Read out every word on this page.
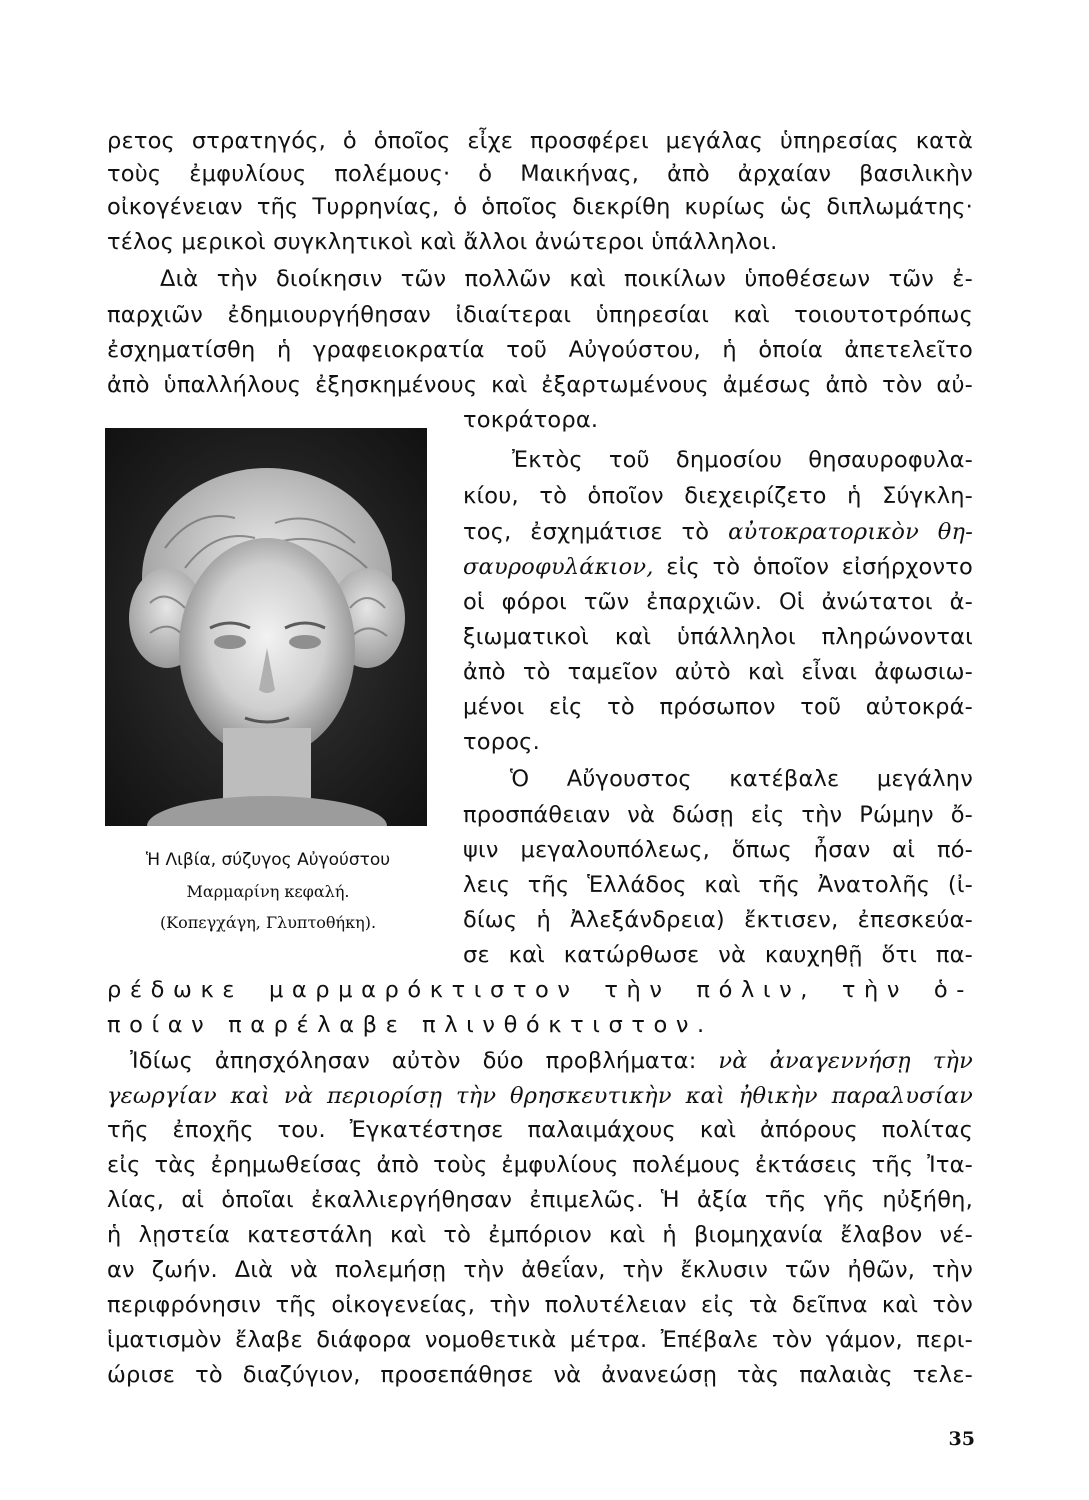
ρετος στρατηγός, ὁ ὁποῖος εἶχε προσφέρει μεγάλας ὑπηρεσίας κατὰ
τοὺς ἐμφυλίους πολέμους· ὁ Μαικήνας, ἀπὸ ἀρχαίαν βασιλικὴν
οἰκογένειαν τῆς Τυρρηνίας, ὁ ὁποῖος διεκρίθη κυρίως ὡς διπλωμάτης·
τέλος μερικοὶ συγκλητικοὶ καὶ ἄλλοι ἀνώτεροι ὑπάλληλοι.
Διὰ τὴν διοίκησιν τῶν πολλῶν καὶ ποικίλων ὑποθέσεων τῶν ἐ-
παρχιῶν ἐδημιουργήθησαν ἰδιαίτεραι ὑπηρεσίαι καὶ τοιουτοτρόπως
ἐσχηματίσθη ἡ γραφειοκρατία τοῦ Αὐγούστου, ἡ ὁποία ἀπετελεῖτο
ἀπὸ ὑπαλλήλους ἐξησκημένους καὶ ἐξαρτωμένους ἀμέσως ἀπὸ τὸν αὐ-
τοκράτορα.
Ἐκτὸς τοῦ δημοσίου θησαυροφυλα-
κίου, τὸ ὁποῖον διεχειρίζετο ἡ Σύγκλη-
τος, ἐσχημάτισε τὸ αὐτοκρατορικὸν θη-
σαυροφυλάκιον, εἰς τὸ ὁποῖον εἰσήρχοντο
οἱ φόροι τῶν ἐπαρχιῶν. Οἱ ἀνώτατοι ἀ-
ξιωματικοὶ καὶ ὑπάλληλοι πληρώνονται
ἀπὸ τὸ ταμεῖον αὐτὸ καὶ εἶναι ἀφωσιω-
μένοι εἰς τὸ πρόσωπον τοῦ αὐτοκρά-
τορος.
Ὁ Αὔγουστος κατέβαλε μεγάλην
προσπάθειαν νὰ δώσῃ εἰς τὴν Ρώμην ὄ-
ψιν μεγαλουπόλεως, ὅπως ἦσαν αἱ πό-
λεις τῆς Ἑλλάδος καὶ τῆς Ἀνατολῆς (ἰ-
δίως ἡ Ἀλεξάνδρεια) ἔκτισεν, ἐπεσκεύα-
σε καὶ κατώρθωσε νὰ καυχηθῇ ὅτι πα-
Ἡ Λιβία, σύζυγος Αὐγούστου
Μαρμαρίνη κεφαλή.
(Κοπεγχάγη, Γλυπτοθήκη).
ρέδωκε μαρμαρόκτιστον τὴν πόλιν, τὴν ὁ-
ποίαν παρέλαβε πλινθόκτιστον.
Ἰδίως ἀπησχόλησαν αὐτὸν δύο προβλήματα: νὰ ἀναγεννήσῃ τὴν
γεωργίαν καὶ νὰ περιορίσῃ τὴν θρησκευτικὴν καὶ ἠθικὴν παραλυσίαν
τῆς ἐποχῆς του. Ἐγκατέστησε παλαιμάχους καὶ ἀπόρους πολίτας
εἰς τὰς ἐρημωθείσας ἀπὸ τοὺς ἐμφυλίους πολέμους ἐκτάσεις τῆς Ἰτα-
λίας, αἱ ὁποῖαι ἐκαλλιεργήθησαν ἐπιμελῶς. Ἡ ἀξία τῆς γῆς ηὐξήθη,
ἡ λῃστεία κατεστάλη καὶ τὸ ἐμπόριον καὶ ἡ βιομηχανία ἔλαβον νέ-
αν ζωήν. Διὰ νὰ πολεμήσῃ τὴν ἀθεΐαν, τὴν ἔκλυσιν τῶν ἠθῶν, τὴν
περιφρόνησιν τῆς οἰκογενείας, τὴν πολυτέλειαν εἰς τὰ δεῖπνα καὶ τὸν
ἱματισμὸν ἔλαβε διάφορα νομοθετικὰ μέτρα. Ἐπέβαλε τὸν γάμον, περι-
ώρισε τὸ διαζύγιον, προσεπάθησε νὰ ἀνανεώσῃ τὰς παλαιὰς τελε-
35
